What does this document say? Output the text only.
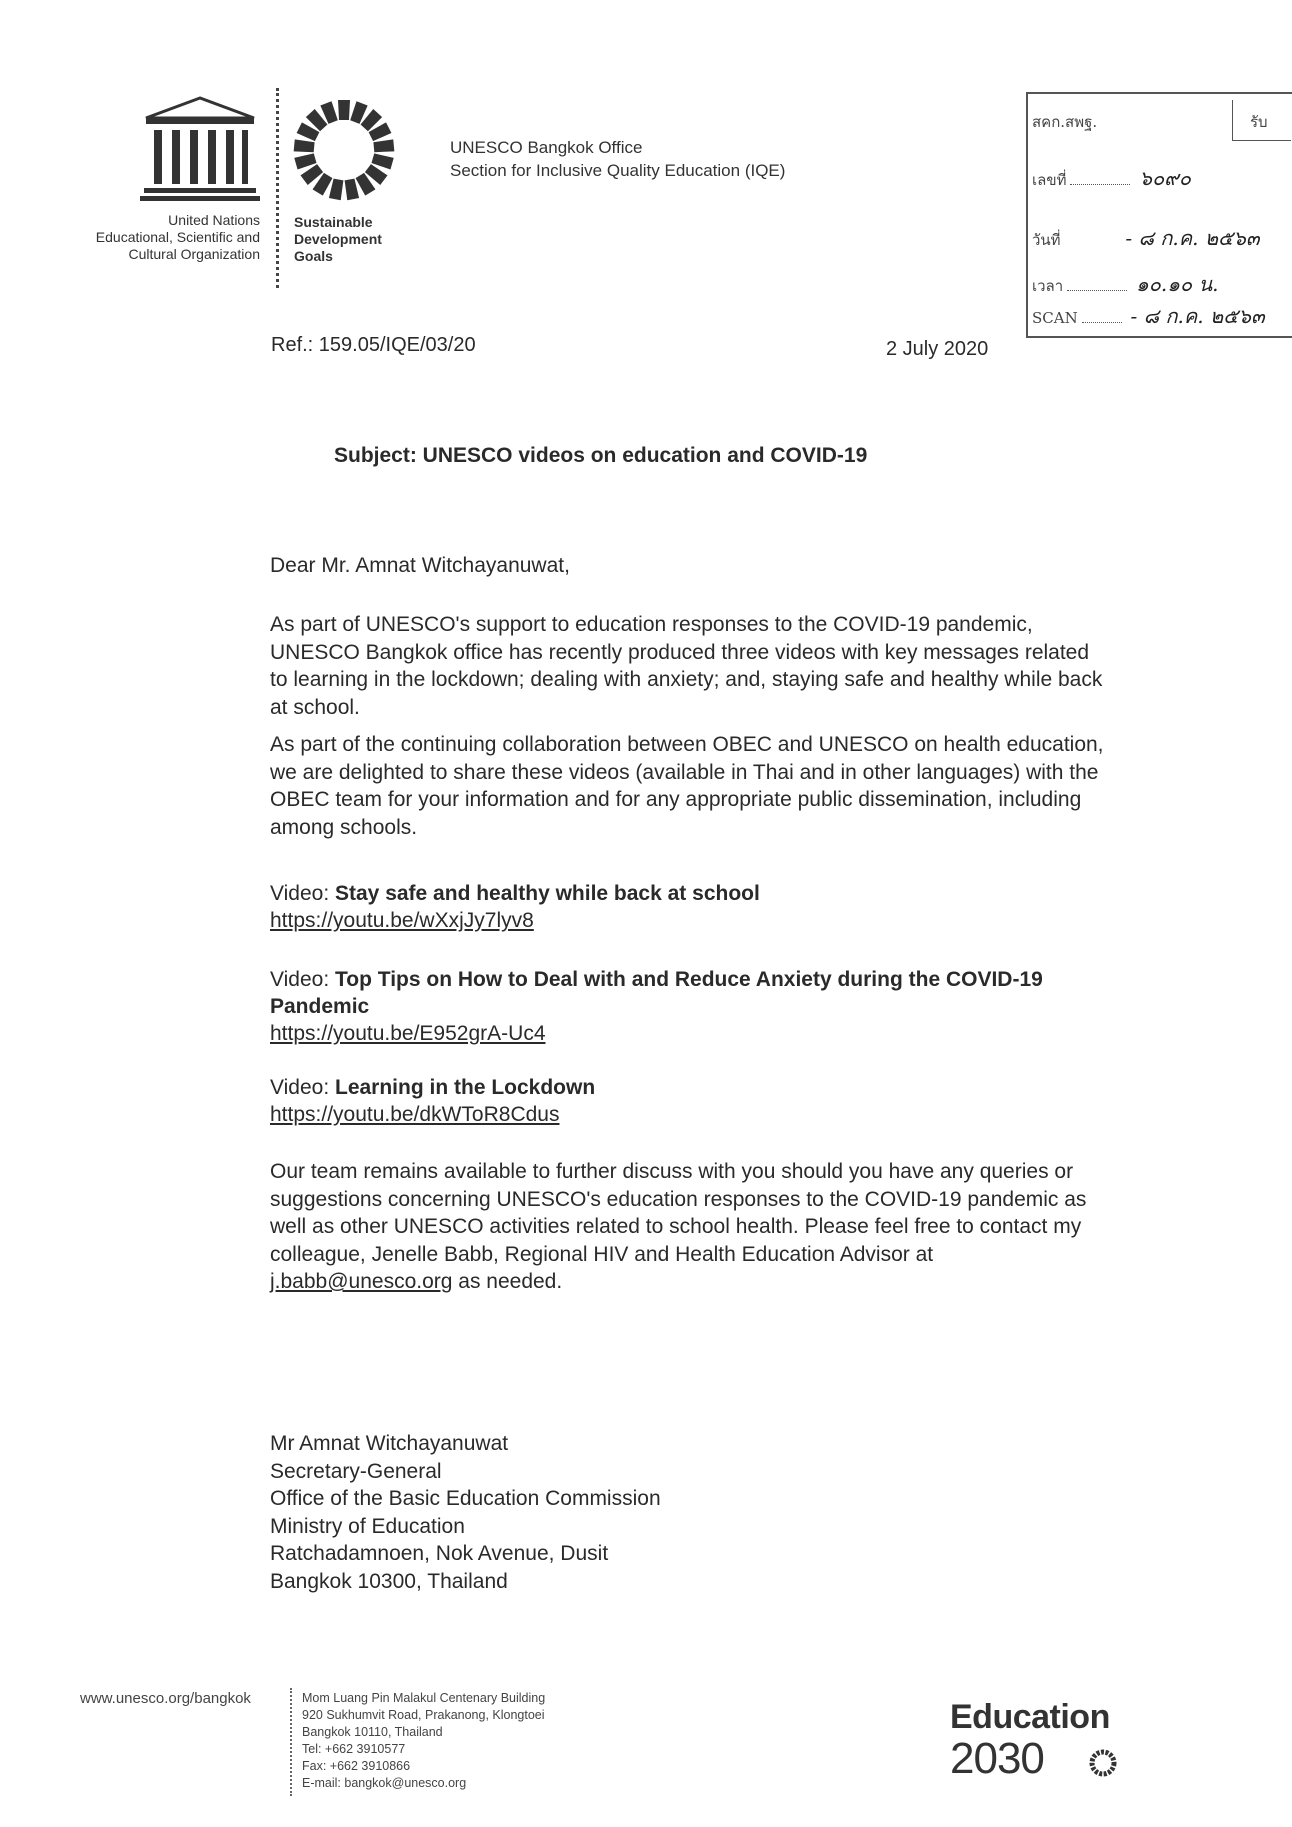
United Nations
Educational, Scientific and
Cultural Organization
Sustainable
Development
Goals
UNESCO Bangkok Office
Section for Inclusive Quality Education (IQE)
สคก.สพฐ.	รับ
เลขที่	๖๐๙๐
วันที่	- ๘ ก.ค. ๒๕๖๓
เวลา	๑๐.๑๐ น.
SCAN	- ๘ ก.ค. ๒๕๖๓
Ref.: 159.05/IQE/03/20	2 July 2020
Subject: UNESCO videos on education and COVID-19
Dear Mr. Amnat Witchayanuwat,
As part of UNESCO's support to education responses to the COVID-19 pandemic, UNESCO Bangkok office has recently produced three videos with key messages related to learning in the lockdown; dealing with anxiety; and, staying safe and healthy while back at school.
As part of the continuing collaboration between OBEC and UNESCO on health education, we are delighted to share these videos (available in Thai and in other languages) with the OBEC team for your information and for any appropriate public dissemination, including among schools.
Video: Stay safe and healthy while back at school
https://youtu.be/wXxjJy7lyv8
Video: Top Tips on How to Deal with and Reduce Anxiety during the COVID-19 Pandemic
https://youtu.be/E952grA-Uc4
Video: Learning in the Lockdown
https://youtu.be/dkWToR8Cdus
Our team remains available to further discuss with you should you have any queries or suggestions concerning UNESCO's education responses to the COVID-19 pandemic as well as other UNESCO activities related to school health. Please feel free to contact my colleague, Jenelle Babb, Regional HIV and Health Education Advisor at j.babb@unesco.org as needed.
Mr Amnat Witchayanuwat
Secretary-General
Office of the Basic Education Commission
Ministry of Education
Ratchadamnoen, Nok Avenue, Dusit
Bangkok 10300, Thailand
www.unesco.org/bangkok	Mom Luang Pin Malakul Centenary Building
920 Sukhumvit Road, Prakanong, Klongtoei
Bangkok 10110, Thailand
Tel: +662 3910577
Fax: +662 3910866
E-mail: bangkok@unesco.org
Education
2030
